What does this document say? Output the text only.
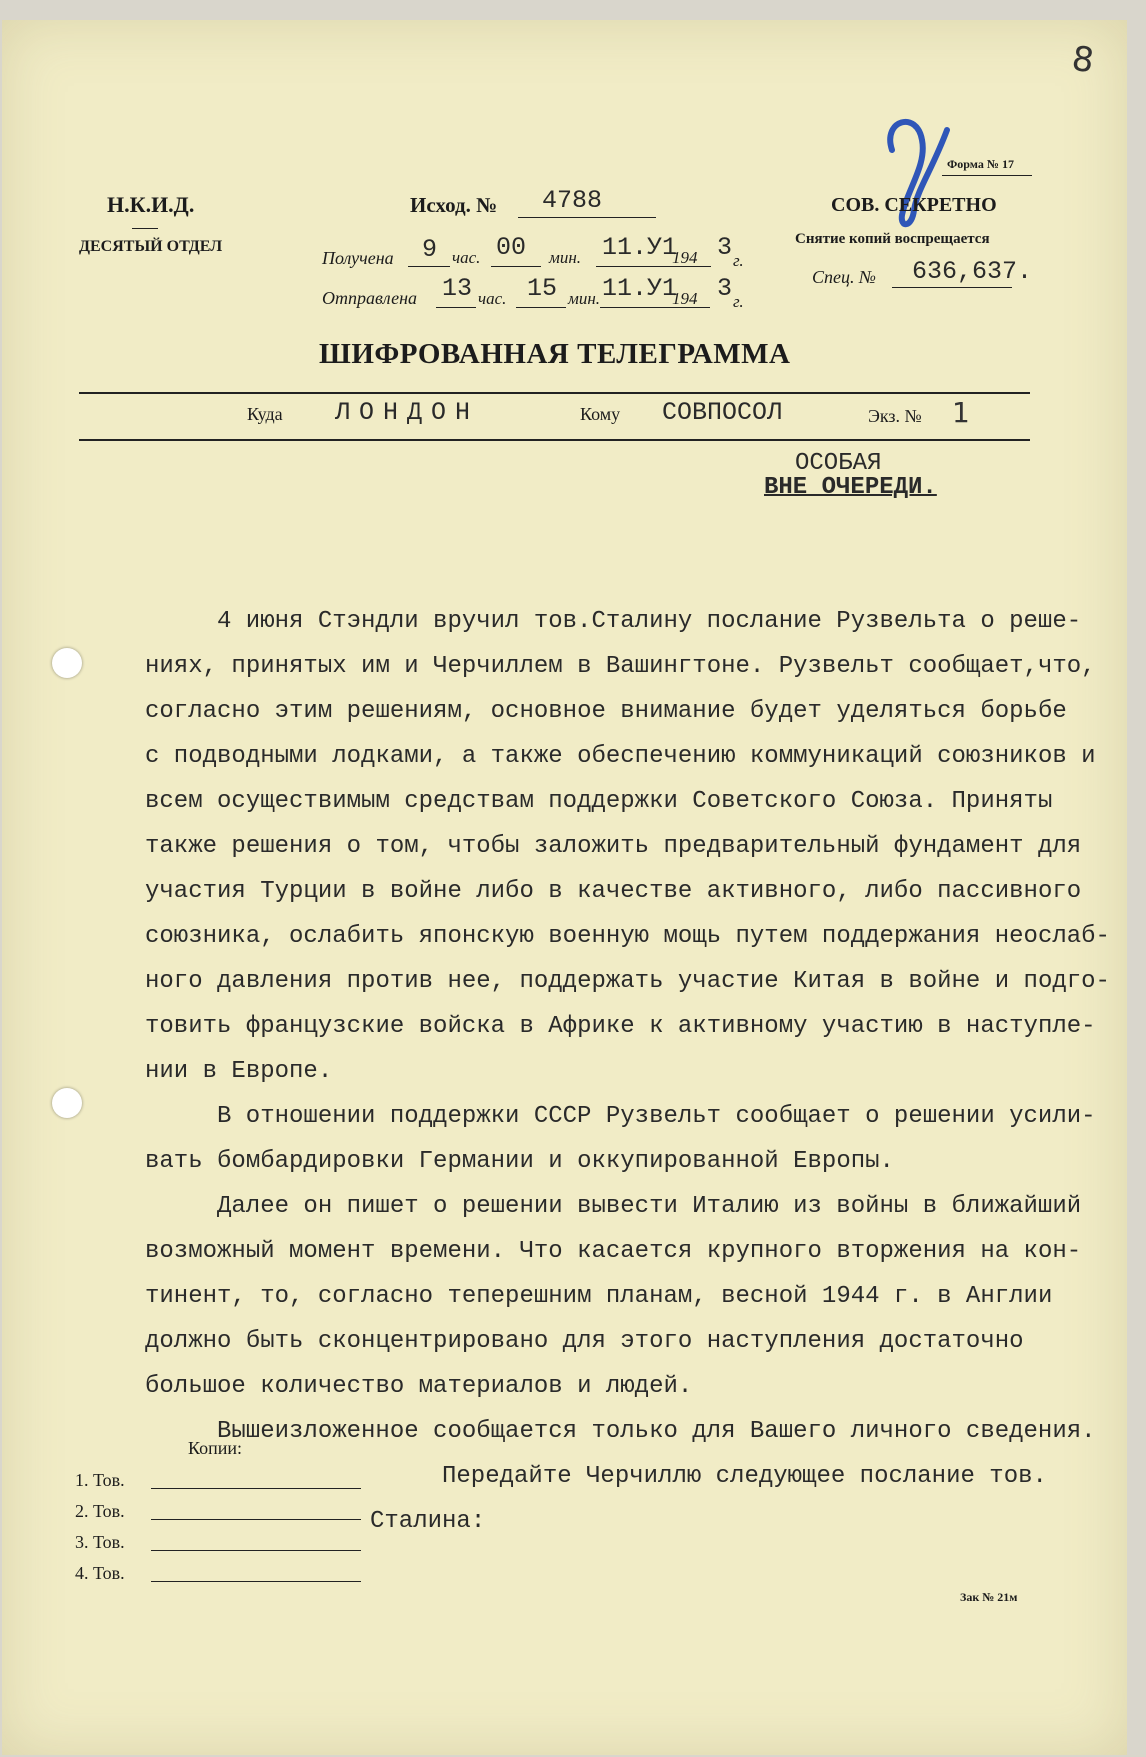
8
Форма № 17
Н.К.И.Д.
ДЕСЯТЫЙ ОТДЕЛ
Исход. № 4788
Получена 9 час. 00 мин. 11.У1
194 3 г.
Отправлена 13 час. 15 мин. 11.У1
194 3 г.
СОВ. СЕКРЕТНО
Снятие копий воспрещается
Спец. № 636,637.
ШИФРОВАННАЯ ТЕЛЕГРАММА
Куда ЛОНДОН	Кому СОВПОСОЛ	Экз. № 1
ОСОБАЯ
ВНЕ ОЧЕРЕДИ.
4 июня Стэндли вручил тов.Сталину послание Рузвельта о реше-
ниях, принятых им и Черчиллем в Вашингтоне. Рузвельт сообщает,что,
согласно этим решениям, основное внимание будет уделяться борьбе
с подводными лодками, а также обеспечению коммуникаций союзников и
всем осуществимым средствам поддержки Советского Союза. Приняты
также решения о том, чтобы заложить предварительный фундамент для
участия Турции в войне либо в качестве активного, либо пассивного
союзника, ослабить японскую военную мощь путем поддержания неослаб-
ного давления против нее, поддержать участие Китая в войне и подго-
товить французские войска в Африке к активному участию в наступле-
нии в Европе.
В отношении поддержки СССР Рузвельт сообщает о решении усили-
вать бомбардировки Германии и оккупированной Европы.
Далее он пишет о решении вывести Италию из войны в ближайший
возможный момент времени. Что касается крупного вторжения на кон-
тинент, то, согласно теперешним планам, весной 1944 г. в Англии
должно быть сконцентрировано для этого наступления достаточно
большое количество материалов и людей.
Вышеизложенное сообщается только для Вашего личного сведения.
Передайте Черчиллю следующее послание тов.
Сталина:
Копии:
1. Тов.
2. Тов.
3. Тов.
4. Тов.
Зак № 21м
